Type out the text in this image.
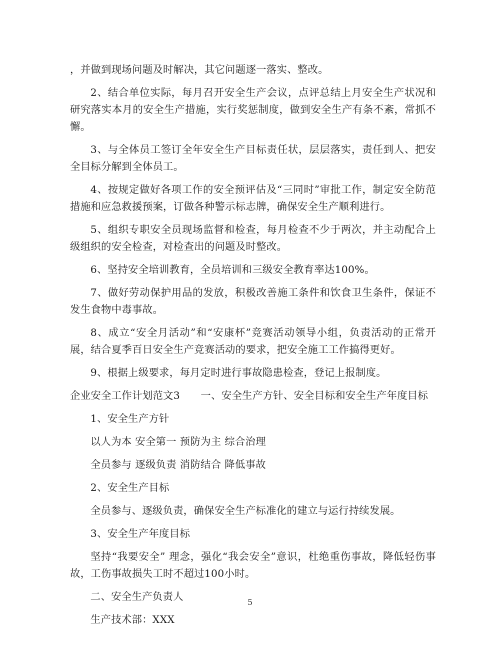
，并做到现场问题及时解决，其它问题逐一落实、整改。

2、结合单位实际，每月召开安全生产会议，点评总结上月安全生产状况和研究落实本月的安全生产措施，实行奖惩制度，做到安全生产有条不紊，常抓不懈。

3、与全体员工签订全年安全生产目标责任状，层层落实，责任到人、把安全目标分解到全体员工。

4、按规定做好各项工作的安全预评估及“三同时”审批工作，制定安全防范措施和应急救援预案，订做各种警示标志牌，确保安全生产顺利进行。

5、组织专职安全员现场监督和检查，每月检查不少于两次，并主动配合上级组织的安全检查，对检查出的问题及时整改。

6、坚持安全培训教育，全员培训和三级安全教育率达100%。

7、做好劳动保护用品的发放，积极改善施工条件和饮食卫生条件，保证不发生食物中毒事故。

8、成立“安全月活动”和“安康杯”竞赛活动领导小组，负责活动的正常开展，结合夏季百日安全生产竞赛活动的要求，把安全施工工作搞得更好。

9、根据上级要求，每月定时进行事故隐患检查，登记上报制度。

企业安全工作计划范文3　　一、安全生产方针、安全目标和安全生产年度目标

1、安全生产方针

以人为本 安全第一 预防为主 综合治理

全员参与 逐级负责 消防结合 降低事故

2、安全生产目标

全员参与、逐级负责，确保安全生产标准化的建立与运行持续发展。

3、安全生产年度目标

坚持“我要安全” 理念，强化“我会安全”意识，杜绝重伤事故，降低轻伤事故，工伤事故损失工时不超过100小时。

二、安全生产负责人

生产技术部：XXX

5
